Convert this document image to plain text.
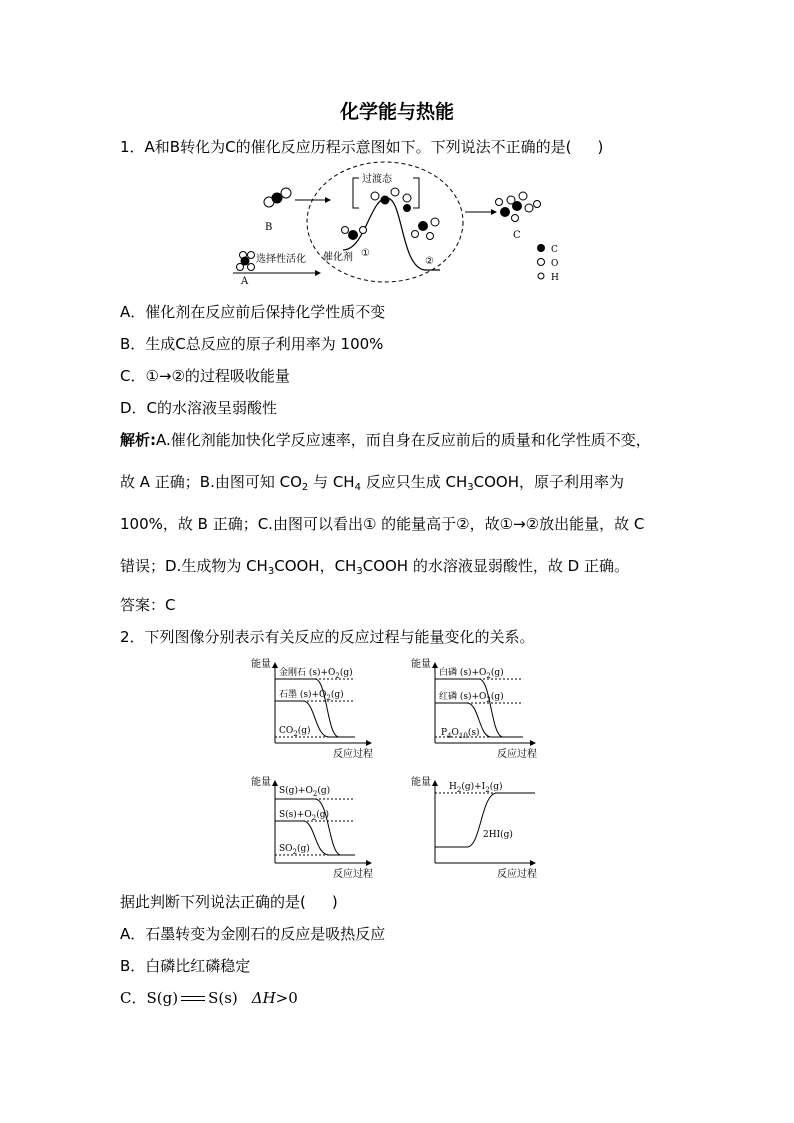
化学能与热能
1．A和B转化为C的催化反应历程示意图如下。下列说法不正确的是( )
B
A
选择性活化
过渡态
①
②
催化剂
C
C
O
H
A．催化剂在反应前后保持化学性质不变
B．生成C总反应的原子利用率为 100%
C．①→②的过程吸收能量
D．C的水溶液呈弱酸性
解析:A.催化剂能加快化学反应速率，而自身在反应前后的质量和化学性质不变，
故 A 正确；B.由图可知 $CO_2$ 与 $CH_4$ 反应只生成 $CH_3COOH$，原子利用率为
100%，故 B 正确；C.由图可以看出① 的能量高于②，故①→②放出能量，故 C
错误；D.生成物为 $CH_3COOH$，$CH_3COOH$ 的水溶液显弱酸性，故 D 正确。
答案：C
2．下列图像分别表示有关反应的反应过程与能量变化的关系。
能量
反应过程
金刚石 $(s)+O_2(g)$
石墨 $(s)+O_2(g)$
$CO_2(g)$
能量
反应过程
白磷 $(s)+O_2(g)$
红磷 $(s)+O_2(g)$
$P_4O_{10}(s)$
能量
反应过程
$S(g)+O_2(g)$
$S(s)+O_2(g)$
$SO_2(g)$
能量
反应过程
$H_2(g)+I_2(g)$
2HI(g)
据此判断下列说法正确的是( )
A．石墨转变为金刚石的反应是吸热反应
B．白磷比红磷稳定
C．S(g) S(s) ΔH>0
